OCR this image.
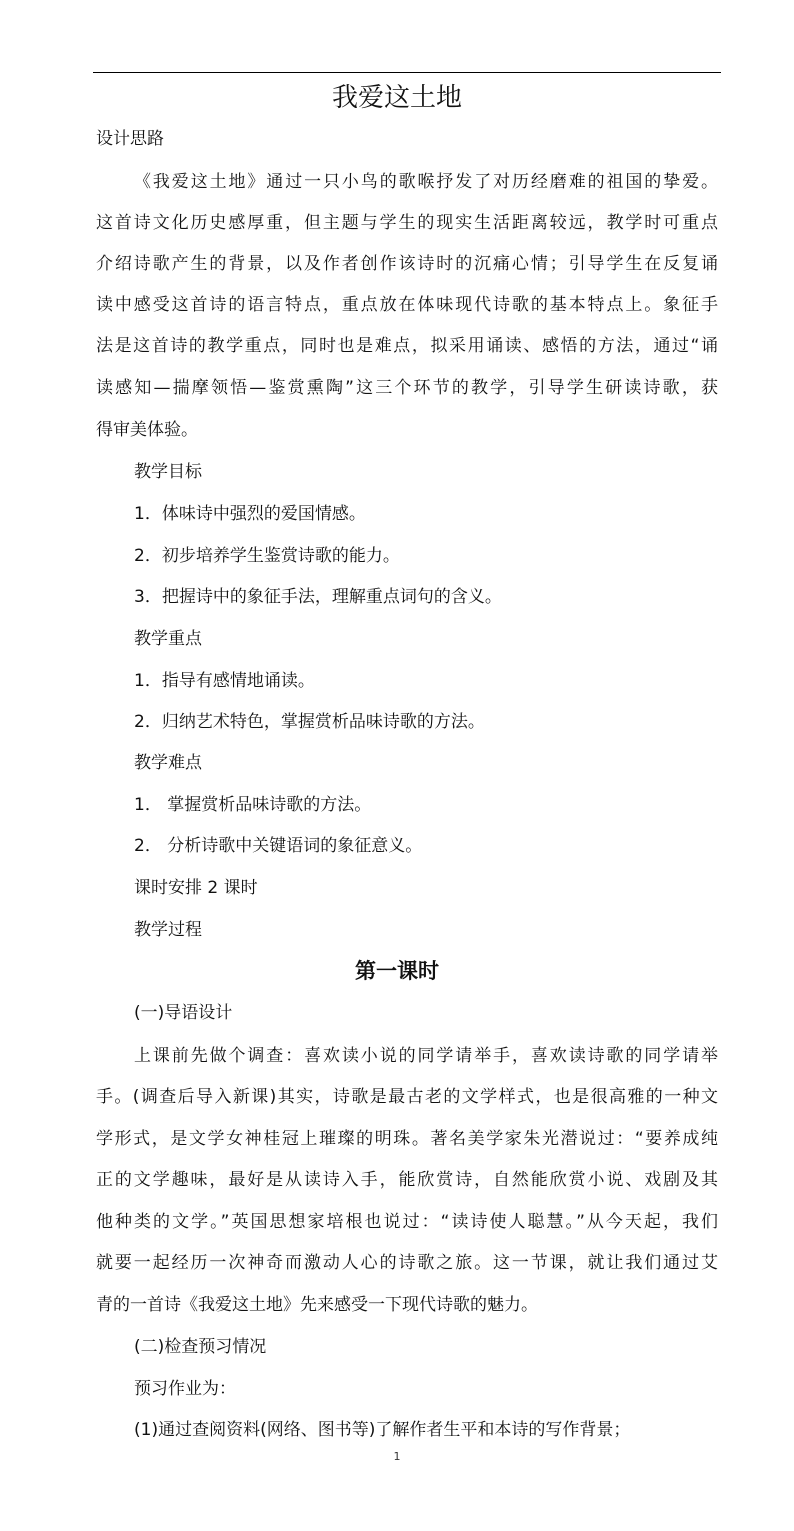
我爱这土地
设计思路
《我爱这土地》通过一只小鸟的歌喉抒发了对历经磨难的祖国的挚爱。
这首诗文化历史感厚重，但主题与学生的现实生活距离较远，教学时可重点
介绍诗歌产生的背景，以及作者创作该诗时的沉痛心情；引导学生在反复诵
读中感受这首诗的语言特点，重点放在体味现代诗歌的基本特点上。象征手
法是这首诗的教学重点，同时也是难点，拟采用诵读、感悟的方法，通过“诵
读感知—揣摩领悟—鉴赏熏陶”这三个环节的教学，引导学生研读诗歌，获
得审美体验。
教学目标
1．体味诗中强烈的爱国情感。
2．初步培养学生鉴赏诗歌的能力。
3．把握诗中的象征手法，理解重点词句的含义。
教学重点
1．指导有感情地诵读。
2．归纳艺术特色，掌握赏析品味诗歌的方法。
教学难点
1． 掌握赏析品味诗歌的方法。
2． 分析诗歌中关键语词的象征意义。
课时安排 2 课时
教学过程
第一课时
(一)导语设计
上课前先做个调查：喜欢读小说的同学请举手，喜欢读诗歌的同学请举
手。(调查后导入新课)其实，诗歌是最古老的文学样式，也是很高雅的一种文
学形式，是文学女神桂冠上璀璨的明珠。著名美学家朱光潜说过：“要养成纯
正的文学趣味，最好是从读诗入手，能欣赏诗，自然能欣赏小说、戏剧及其
他种类的文学。”英国思想家培根也说过：“读诗使人聪慧。”从今天起，我们
就要一起经历一次神奇而激动人心的诗歌之旅。这一节课，就让我们通过艾
青的一首诗《我爱这土地》先来感受一下现代诗歌的魅力。
(二)检查预习情况
预习作业为：
(1)通过查阅资料(网络、图书等)了解作者生平和本诗的写作背景；
1
